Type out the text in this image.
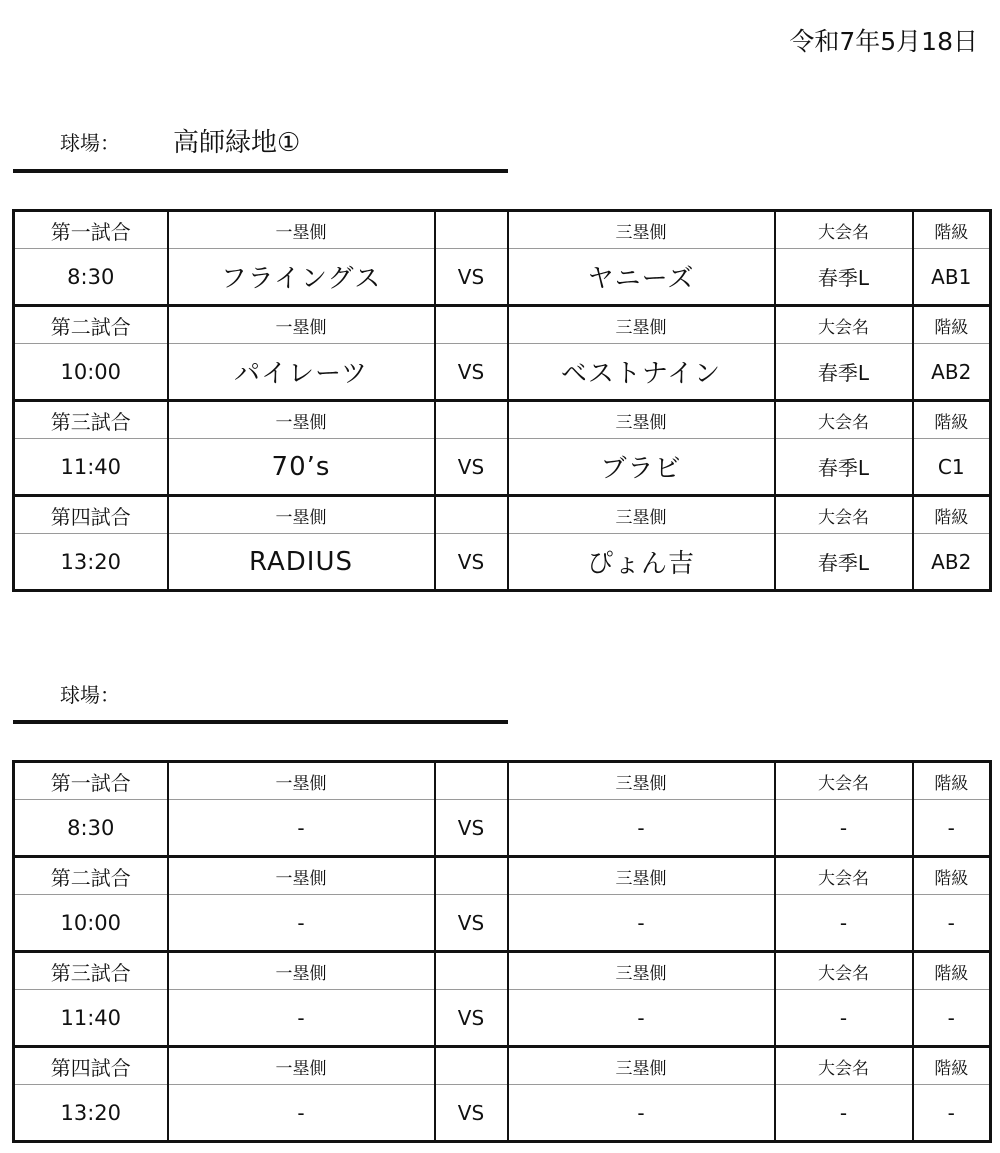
令和7年5月18日
球場： 高師緑地①
第一試合	一塁側		三塁側	大会名	階級
8:30	フライングス	VS	ヤニーズ	春季L	AB1
第二試合	一塁側		三塁側	大会名	階級
10:00	パイレーツ	VS	ベストナイン	春季L	AB2
第三試合	一塁側		三塁側	大会名	階級
11:40	70’s	VS	ブラビ	春季L	C1
第四試合	一塁側		三塁側	大会名	階級
13:20	RADIUS	VS	ぴょん吉	春季L	AB2
球場：
第一試合	一塁側		三塁側	大会名	階級
8:30	-	VS	-	-	-
第二試合	一塁側		三塁側	大会名	階級
10:00	-	VS	-	-	-
第三試合	一塁側		三塁側	大会名	階級
11:40	-	VS	-	-	-
第四試合	一塁側		三塁側	大会名	階級
13:20	-	VS	-	-	-
